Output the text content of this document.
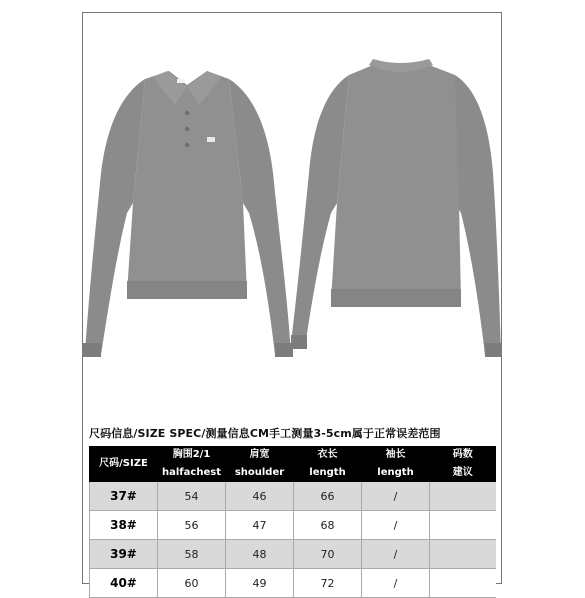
尺码信息/SIZE SPEC/测量信息CM手工测量3-5cm属于正常误差范围
尺码/SIZE	胸围2/1	肩宽	衣长	袖长	码数
	halfachest	shoulder	length	length	建议
37#	54	46	66	/	
38#	56	47	68	/	
39#	58	48	70	/	
40#	60	49	72	/	
